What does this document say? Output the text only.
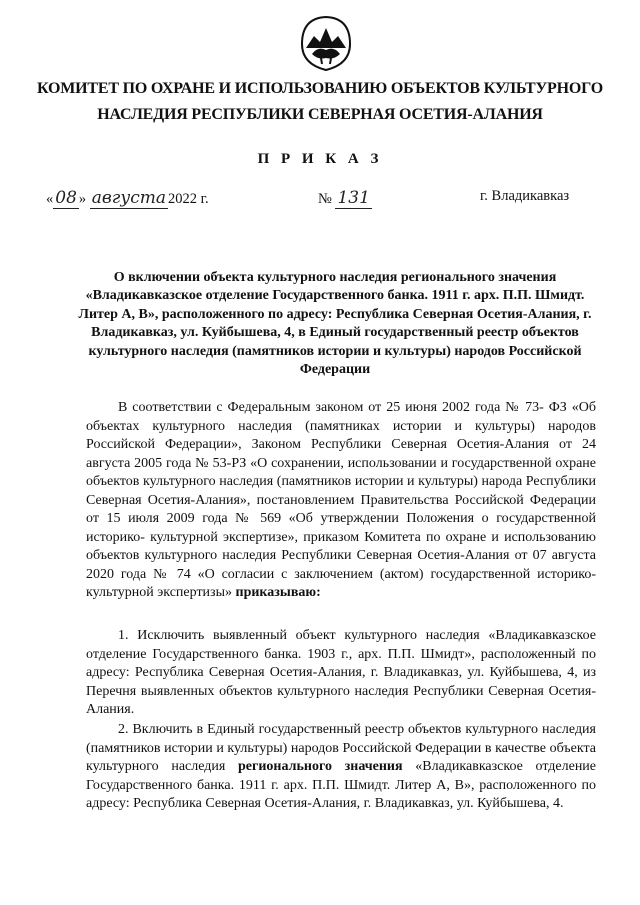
КОМИТЕТ ПО ОХРАНЕ И ИСПОЛЬЗОВАНИЮ ОБЪЕКТОВ КУЛЬТУРНОГО
НАСЛЕДИЯ РЕСПУБЛИКИ СЕВЕРНАЯ ОСЕТИЯ-АЛАНИЯ
П Р И К А З
« 08 » августа 2022 г.	№ 131	г. Владикавказ
О включении объекта культурного наследия регионального значения «Владикавказское отделение Государственного банка. 1911 г. арх. П.П. Шмидт. Литер А, В», расположенного по адресу: Республика Северная Осетия-Алания, г. Владикавказ, ул. Куйбышева, 4, в Единый государственный реестр объектов культурного наследия (памятников истории и культуры) народов Российской Федерации
В соответствии с Федеральным законом от 25 июня 2002 года № 73- ФЗ «Об объектах культурного наследия (памятниках истории и культуры) народов Российской Федерации», Законом Республики Северная Осетия-Алания от 24 августа 2005 года № 53-РЗ «О сохранении, использовании и государственной охране объектов культурного наследия (памятников истории и культуры) народа Республики Северная Осетия-Алания», постановлением Правительства Российской Федерации от 15 июля 2009 года № 569 «Об утверждении Положения о государственной историко- культурной экспертизе», приказом Комитета по охране и использованию объектов культурного наследия Республики Северная Осетия-Алания от 07 августа 2020 года № 74 «О согласии с заключением (актом) государственной историко-культурной экспертизы» приказываю:
1. Исключить выявленный объект культурного наследия «Владикавказское отделение Государственного банка. 1903 г., арх. П.П. Шмидт», расположенный по адресу: Республика Северная Осетия-Алания, г. Владикавказ, ул. Куйбышева, 4, из Перечня выявленных объектов культурного наследия Республики Северная Осетия-Алания.
2. Включить в Единый государственный реестр объектов культурного наследия (памятников истории и культуры) народов Российской Федерации в качестве объекта культурного наследия регионального значения «Владикавказское отделение Государственного банка. 1911 г. арх. П.П. Шмидт. Литер А, В», расположенного по адресу: Республика Северная Осетия-Алания, г. Владикавказ, ул. Куйбышева, 4.
